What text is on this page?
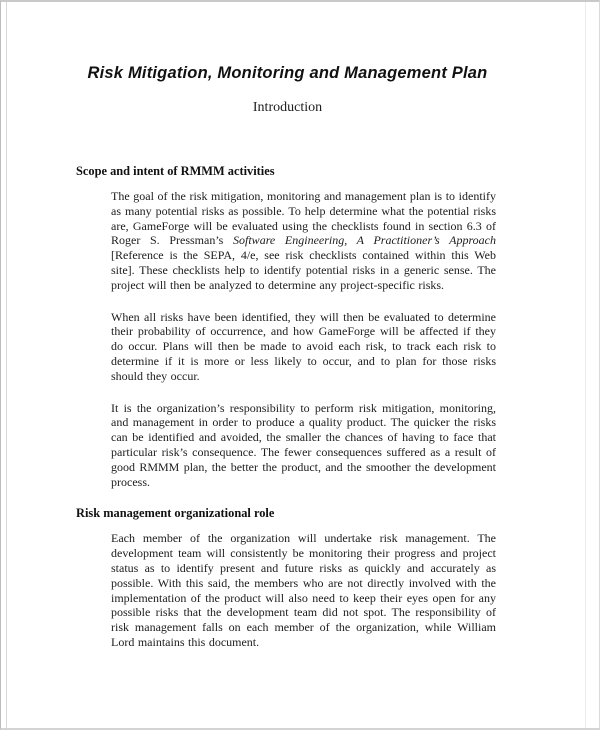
Risk Mitigation, Monitoring and Management Plan
Introduction
Scope and intent of RMMM activities

The goal of the risk mitigation, monitoring and management plan is to identify as many potential risks as possible. To help determine what the potential risks are, GameForge will be evaluated using the checklists found in section 6.3 of Roger S. Pressman’s Software Engineering, A Practitioner’s Approach [Reference is the SEPA, 4/e, see risk checklists contained within this Web site]. These checklists help to identify potential risks in a generic sense. The project will then be analyzed to determine any project-specific risks.

When all risks have been identified, they will then be evaluated to determine their probability of occurrence, and how GameForge will be affected if they do occur. Plans will then be made to avoid each risk, to track each risk to determine if it is more or less likely to occur, and to plan for those risks should they occur.

It is the organization’s responsibility to perform risk mitigation, monitoring, and management in order to produce a quality product. The quicker the risks can be identified and avoided, the smaller the chances of having to face that particular risk’s consequence. The fewer consequences suffered as a result of good RMMM plan, the better the product, and the smoother the development process.

Risk management organizational role

Each member of the organization will undertake risk management. The development team will consistently be monitoring their progress and project status as to identify present and future risks as quickly and accurately as possible. With this said, the members who are not directly involved with the implementation of the product will also need to keep their eyes open for any possible risks that the development team did not spot. The responsibility of risk management falls on each member of the organization, while William Lord maintains this document.
